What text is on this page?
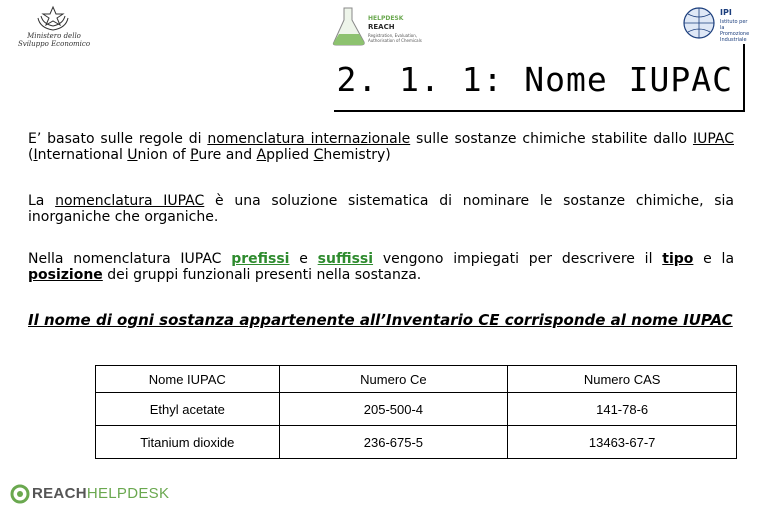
Ministero dello
Sviluppo Economico
HELPDESK
REACH
Registration, Evaluation, Authorisation of Chemicals
IPI
Istituto per la Promozione Industriale
2. 1. 1: Nome IUPAC

E’ basato sulle regole di nomenclatura internazionale sulle sostanze chimiche stabilite dallo IUPAC (International Union of Pure and Applied Chemistry)

La nomenclatura IUPAC è una soluzione sistematica di nominare le sostanze chimiche, sia inorganiche che organiche.

Nella nomenclatura IUPAC prefissi e suffissi vengono impiegati per descrivere il tipo e la posizione dei gruppi funzionali presenti nella sostanza.

Il nome di ogni sostanza appartenente all’Inventario CE corrisponde al nome IUPAC

Nome IUPAC	Numero Ce	Numero CAS
Ethyl acetate	205-500-4	141-78-6
Titanium dioxide	236-675-5	13463-67-7
REACHHELPDESK
